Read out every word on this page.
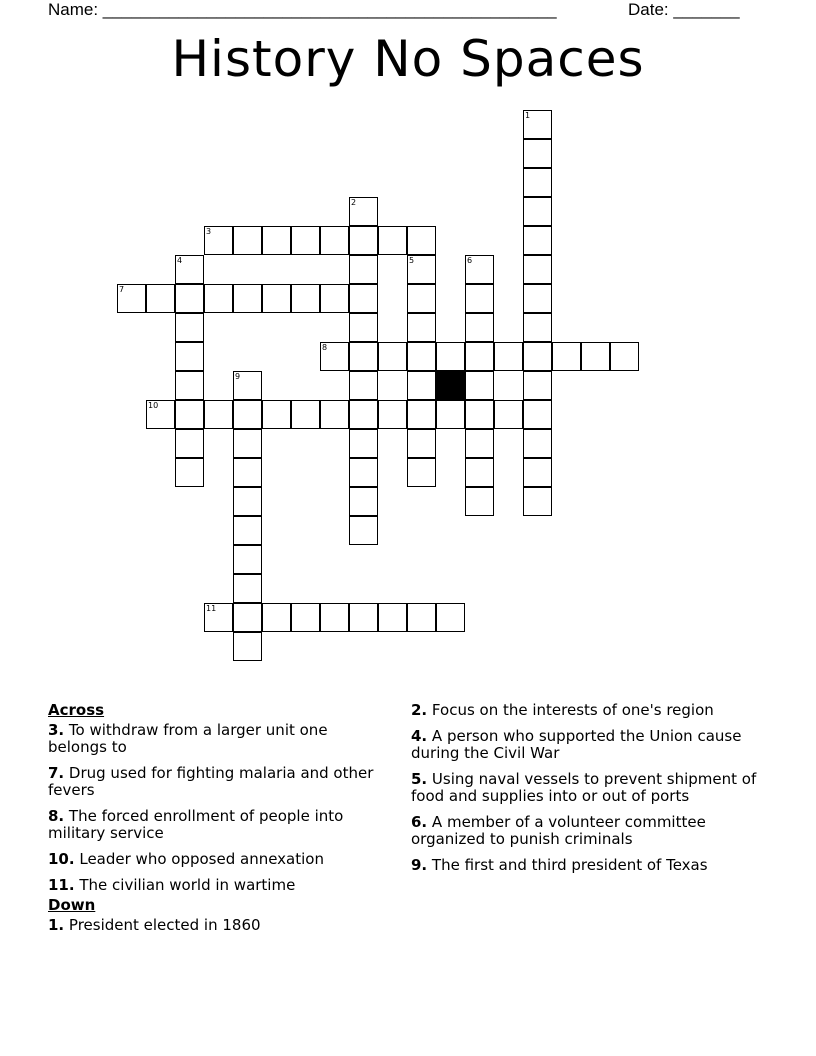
Name: ________________________________________________	Date: _______
History No Spaces
1
2
3
4	5	6
7
8
9
10
11
Across
3. To withdraw from a larger unit one belongs to
7. Drug used for fighting malaria and other fevers
8. The forced enrollment of people into military service
10. Leader who opposed annexation
11. The civilian world in wartime
Down
1. President elected in 1860
2. Focus on the interests of one's region
4. A person who supported the Union cause during the Civil War
5. Using naval vessels to prevent shipment of food and supplies into or out of ports
6. A member of a volunteer committee organized to punish criminals
9. The first and third president of Texas
